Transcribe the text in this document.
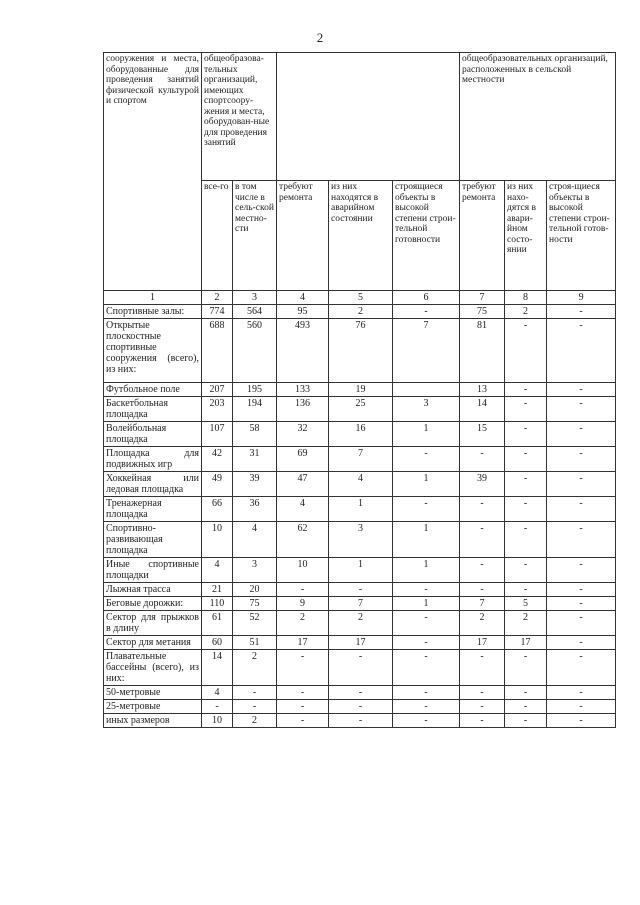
2
сооружения и места, оборудованные для проведения занятий физической культурой и спортом	общеобразова-тельных организаций, имеющих спортсоору-жения и места, оборудован-ные для проведения занятий					общеобразовательных организаций, расположенных в сельской местности		
	все-го	в том числе в сель-ской местно-сти	требуют ремонта	из них находятся в аварийном состоянии	строящиеся объекты в высокой степени строи-тельной готовности	требуют ремонта	из них нахо-дятся в авари-йном состо-янии	строя-щиеся объекты в высокой степени строи-тельной готов-ности
1	2	3	4	5	6	7	8	9
Спортивные залы:	774	564	95	2	-	75	2	-
Открытые плоскостные спортивные сооружения (всего), из них:	688	560	493	76	7	81	-	-
Футбольное поле	207	195	133	19		13	-	-
Баскетбольная площадка	203	194	136	25	3	14	-	-
Волейбольная площадка	107	58	32	16	1	15	-	-
Площадка для подвижных игр	42	31	69	7	-	-	-	-
Хоккейная или ледовая площадка	49	39	47	4	1	39	-	-
Тренажерная площадка	66	36	4	1	-	-	-	-
Спортивно-развивающая площадка	10	4	62	3	1	-	-	-
Иные спортивные площадки	4	3	10	1	1	-	-	-
Лыжная трасса	21	20	-	-	-	-	-	-
Беговые дорожки:	110	75	9	7	1	7	5	-
Сектор для прыжков в длину	61	52	2	2	-	2	2	-
Сектор для метания	60	51	17	17	-	17	17	-
Плавательные бассейны (всего), из них:	14	2	-	-	-	-	-	-
50-метровые	4	-	-	-	-	-	-	-
25-метровые	-	-	-	-	-	-	-	-
иных размеров	10	2	-	-	-	-	-	-
